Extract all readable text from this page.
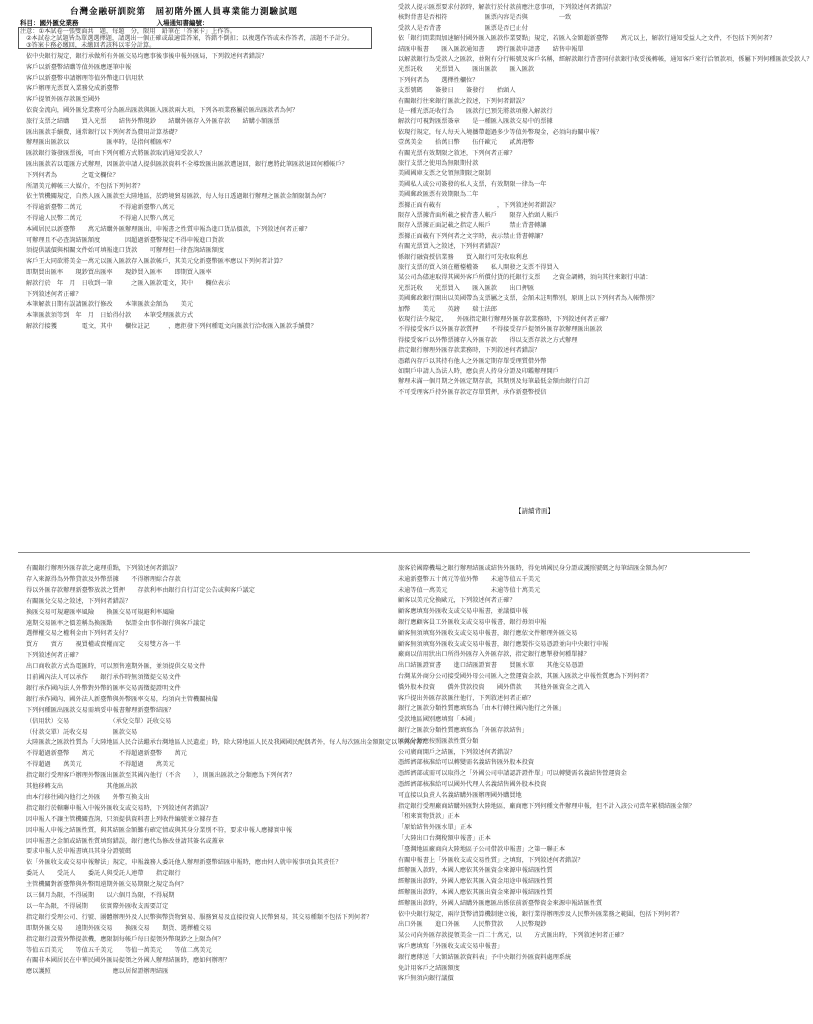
台灣金融研訓院第　屆初階外匯人員專業能力測驗試題
科目：國外匯兌業務　　　　　　　　　　　　入場通知書編號：
注意：①本試卷一張雙面共　題，每題　分，限用　鉛筆在「答案卡」上作答。
②本試卷之試題皆為單選選擇題，請選出一個正確或最適當答案，答錯不倒扣；以複選作答或未作答者，該題不予計分。
③答案卡務必繳回，未繳回者該科以零分計算。
依中央銀行規定，銀行承做所有外匯交易均應事後事後申報外匯局，下列敘述何者錯誤？
客戶以新臺幣結購等值外匯應逐筆申報
客戶以新臺幣申請辦理等值外幣進口信用狀
客戶辦理光票買入業務兌成新臺幣
客戶提領外匯存款匯至國外
依資金流向，國外匯兌業務可分為匯出匯款與匯入匯款兩大項，下列各項業務屬於匯出匯款者為何？
旅行支票之結購　　買入光票　　結售外幣現鈔　　結購外匯存入外匯存款　　結購小額匯票
匯出匯款手續費，通常銀行以下列何者為費用計算基礎？
辦理匯出匯款以　　　　　　匯率時，是指何種匯率？
匯款銀行簽發匯票後，可由下列何種方式將匯款取消通知受款人？
匯出匯款若以電匯方式辦理，因匯款申請人提供匯款資料不全導致匯出匯款遭退回，銀行應將此筆匯款退回何種帳戶？
下列何者為　　　　之電文欄位？
所謂美元轉帳三大媒介，不包括下列何者？
依主管機關規定，自然人匯入匯款至大陸地區，於跨境貿易匯款，每人每日透過銀行辦理之匯款金額限制為何？
不得逾新臺幣二萬元　　　　　　不得逾新臺幣八萬元
不得逾人民幣二萬元　　　　　　不得逾人民幣八萬元
本國居民以新臺幣　　萬元結購外匯辦理匯出，申報書之性質申報為進口貨品價款，下列敘述何者正確？
可辦理且不必查詢結匯額度　　　　因超過新臺幣規定不得申報進口貨款
須提供議價與相關文件始可填報進口貨款　　可辦理但一律查詢結匯額度
客戶王大同欲將美金一萬元以匯入匯款存入匯款帳戶，其美元兌新臺幣匯率應以下列何者計算？
即期買出匯率　　現鈔買出匯率　　現鈔買入匯率　　即期買入匯率
解款行於　年　月　日收到一筆　　　之匯入匯款電文，其中　　欄位表示
下列敘述何者正確？
本筆解款日期有誤請匯款行修改　　本筆匯款金額為　　美元
本筆匯款須等到　年　月　日始得付款　　本筆受理匯款方式
解款行接獲　　　　電文，其中　　欄位註記　　　，應拒發下列何種電文向匯款行洽收匯入匯款手續費？
受款人提示匯票要求付款時，解款行於付款前應注意事項，下列敘述何者錯誤？
核對背書是否相符　　　　　　匯票內容是否與　　　　　一致
受款人是否背書　　　　　　　匯票是否已止付
依「銀行間業間加速解付國外匯入匯款作業要點」規定，若匯入金額超新臺幣　　萬元以上，解款行通知受益人之文件，不包括下列何者？
結匯申報書　　匯入匯款通知書　　跨行匯款申請書　　結售申報單
以解款銀行為受款人之匯款，並附有分行帳號及客戶名稱，經解款銀行背書同付款銀行收妥後轉帳，通知客戶來行洽領款項，係屬下列何種匯款受款人？
光票託收　　光票買入　　匯出匯款　　匯入匯款
下列何者為　　選擇性欄位？
支票號碼　　簽發日　　簽發行　　抬頭人
有關銀行往來銀行匯款之敘述，下列何者錯誤？
是一種光票託收行為　　匯款行已預先將款項撥入解款行
解款行可視對匯票簽章　　是一種匯入匯款交易中的票據
依現行規定，每人每天入境攜帶超過多少等值外幣現金，必須向海關申報？
壹萬美金　　拾萬日幣　　伍仟歐元　　貳萬港幣
有關光票有效期限之敘述，下列何者正確？
旅行支票之使用為無限期付款
美國國庫支票之兌領無期限之限制
美國私人或公司簽發的私人支票，有效期限一律為一年
美國郵政匯票有效期限為二年
票據正面有載有　　　　　　　　　，下列敘述何者錯誤？
限存入票據背面所載之被背書人帳戶　　限存入抬頭人帳戶
限存入票據正面記載之指定人帳戶　　　禁止背書轉讓
票據正面載有下列何者之文字時，表示禁止背書轉讓？
有關光票買入之敘述，下列何者錯誤？
係銀行融資授信業務　　買入銀行可先收取利息
旅行支票的買入須在櫃檯權簽　　私人開發之支票不得買入
某公司為儘速取得其國外客戶所償付貨的托銀行支票　　之資金調轉，須向其往來銀行申請：
光票託收　　光票買入　　匯入匯款　　出口押匯
美國郵政銀行開出以美國帶為支票屬之支票，金額未註明幣別，原則上以下列何者為入帳幣別？
加幣　　美元　　英鎊　　瑞士法郎
依現行法令規定，　　外匯指定銀行辦理外匯存款業務時，下列敘述何者正確？
不得接受客戶以外匯存款質押　　不得接受存戶提領外匯存款辦理匯出匯款
得接受客戶以外幣票據存入外匯存款　　得以支票存款之方式辦理
指定銀行辦理外匯存款業務時，下列敘述何者錯誤？
憑藉內存戶以其持有他人之外匯定期存單受理質借外幣
如開戶申請人為法人時，應負責人持身分證及印鑑辦理開戶
辦理未滿一個月期之外匯定期存款，其期別及每筆最低金額由銀行自訂
不可受理客戶持外匯存款定存單質押，承作新臺幣授信
有關銀行辦理外匯存款之處理重點，下列敘述何者錯誤？
存入來源得為外幣貸款及外幣票據　　不得辦理綜合存款
得以外匯存款辦理新臺幣放款之質押　　存款利率由銀行自行訂定公告或與客戶議定
有關匯兌交易之敘述，下列何者錯誤？
換匯交易可規避匯率風險　　換匯交易可規避利率風險
遠期交易匯率之價差稱為換匯點　　保證金由事作銀行與客戶議定
選擇權交易之權利金由下列何者支付？
買方　　賣方　　視買權或賣權而定　　交易雙方各一半
下列敘述何者正確？
出口商收款方式為電匯時，可以預售遠期外匯，並須提供交易文件
目前國內法人可以承作　　銀行承作時無須徵提交易文件
銀行承作國內法人外幣對外幣的匯率交易需徵提證明文件
銀行承作國內、國外法人新臺幣與外幣匯率交易，均須向主管機關核備
下列何種匯出匯款交易需填妥申報書辦理新臺幣結匯？
（信用狀）交易　　　　　　　（承兌交單）託收交易
（付款交單）託收交易　　　　匯款交易
大陸匯款之匯款性質為「大陸地區人民合法繼承台灣地區人民遺產」時，除大陸地區人民及我國國民配偶者外，每人每次匯出金額限定以下列何者？
不得超過新臺幣　　萬元　　　　不得超過新臺幣　　萬元
不得超過　　萬美元　　　　　　不得超過　　萬美元
指定銀行受理客戶辦理外幣匯出匯款至其國內他行（不含　　），則匯出匯款之分類應為下列何者？
其他移轉支出　　　　　　　其他匯出款
由本行移往國內他行之外匯　　外幣互換支出
指定銀行於轄聯申報入中報外匯收支或交易時，下列敘述何者錯誤？
因申報人不讓主管機關查詢，只須提供資料書上列收件編號並立據存查
因申報人申報之結匯性質，與其結匯金額難有確定情或與其身分業別不符，要求申報人應據實申報
因申報書之金額或結匯性質填寫錯誤，銀行應代為修改並請其簽名或蓋章
要求申報人於申報書填具其身分證號碼
依「外匯收支或交易申報辦法」規定，申報義務人委託他人辦理新臺幣結匯申報時，應由何人就申報事項負其責任？
委託人　　受託人　　委託人與受託人連帶　　指定銀行
主管機關對新臺幣與外幣間遠期外匯交易期限之規定為何？
以三個月為限，不得展期　　以六個月為限，不得展期
以一年為限，不得展期　　依實際外匯收支需要訂定
指定銀行受理公司、行號、團體辦理外及人民幣與幣貨物貿易、服務貿易及直接投資人民幣貿易，其交易種類不包括下列何者？
即期外匯交易　　遠期外匯交易　　換匯交易　　期貨、選擇權交易
指定銀行設置外幣提款機，應限制每帳戶每日提領外幣現鈔之上限為何？
等值五百美元　　等值五千美元　　等值一萬美元　　等值二萬美元
有關非本國居民在中華民國外匯局提領之外國人辦理結匯時，應如何辦理？
應以護照　　　　　　　　　　應以居留證辦理結匯
旅客於國際機場之銀行辦理結匯或結售外匯時，得免填國民身分證或護照號碼之每筆結匯金額為何？
未逾新臺幣五十萬元等值外幣　　未逾等值五千美元
未逾等值一萬美元　　　　　　　未逾等值十萬美元
顧客以美元兌換歐元，下列敘述何者正確？
顧客應填寫外匯收支或交易申報書，並議價申報
銀行應顧客員工外匯收支或交易申報書，銀行毋須申報
顧客無須填寫外匯收支或交易申報書，銀行應依文件辦理外匯交易
顧客無須填寫外匯收支或交易申報書，銀行應製作交易憑證並向中央銀行申報
廠商以信用狀出口所得外匯存入外匯存款，指定銀行應掣發何種單據？
出口結匯證實書　　進口結匯證實書　　買匯水單　　其他交易憑證
台灣某外商分公司接受國外母公司匯入之營運資金款，其匯入匯款之申報性質應為下列何者？
僑外股本投資　　僑外貸款投資　　國外借款　　其他外匯資金之流入
客戶提出外匯存款匯往他行，下列敘述何者正確？
銀行之匯款分類性質應填寫為「由本行轉往國內他行之外匯」
受款地區國別應填寫「本國」
銀行之匯款分類性質應填寫為「外匯存款結售」
匯款分類應按照匯款性質分類
公司廣商開戶之結匯，下列敘述何者錯誤？
憑經濟部核准給可以轉變需名義結售匯外股本投資
憑經濟部或需可以取得之「外國公司申請認許證件單」可以轉變需名義結售營運資金
憑經濟部核准給可以國外代理人名義結售國外股本投資
可直接以負責人名義結購外匯辦理國外購買地
指定銀行受理廠商結購外匯對大陸地區，廠商應下列何種文件辦理申報，但不計入該公司當年累積結匯金額？
「租來實物貨款」正本
「原始結售外匯水單」正本
「大陸出口台灣稅額申報書」正本
「臺灣地區廠商向大陸地區子公司借款申報書」之第一聯正本
有關申報書上「外匯收支或交易性質」之填寫，下列敘述何者錯誤？
經辦匯入款時，本國人應依其外匯資金來源申報結匯性質
經辦匯出款時，外國人應依其匯入資金用途申報結匯性質
經辦匯出款時，本國人應依其匯出資金來源申報結匯性質
經辦匯出款時，外國人結購外匯應匯出係依前新臺幣資金來源申報結匯性質
依中央銀行規定，兩岸貨幣清算機制建立後，銀行業得辦理涉及人民幣外匯業務之範圍，包括下列何者？
出口外匯　　進口外匯　　人民幣貸款　　人民幣現鈔
某公司向外匯存款提領美金一百二十萬元，以　　方式匯出時，下列敘述何者正確？
客戶應填寫「外匯收支或交易申報書」
銀行應傳送「大額結匯款資料表」予中央銀行外匯資料處理系統
免計用客戶之結匯額度
客戶無須向銀行議價
【請續背面】
